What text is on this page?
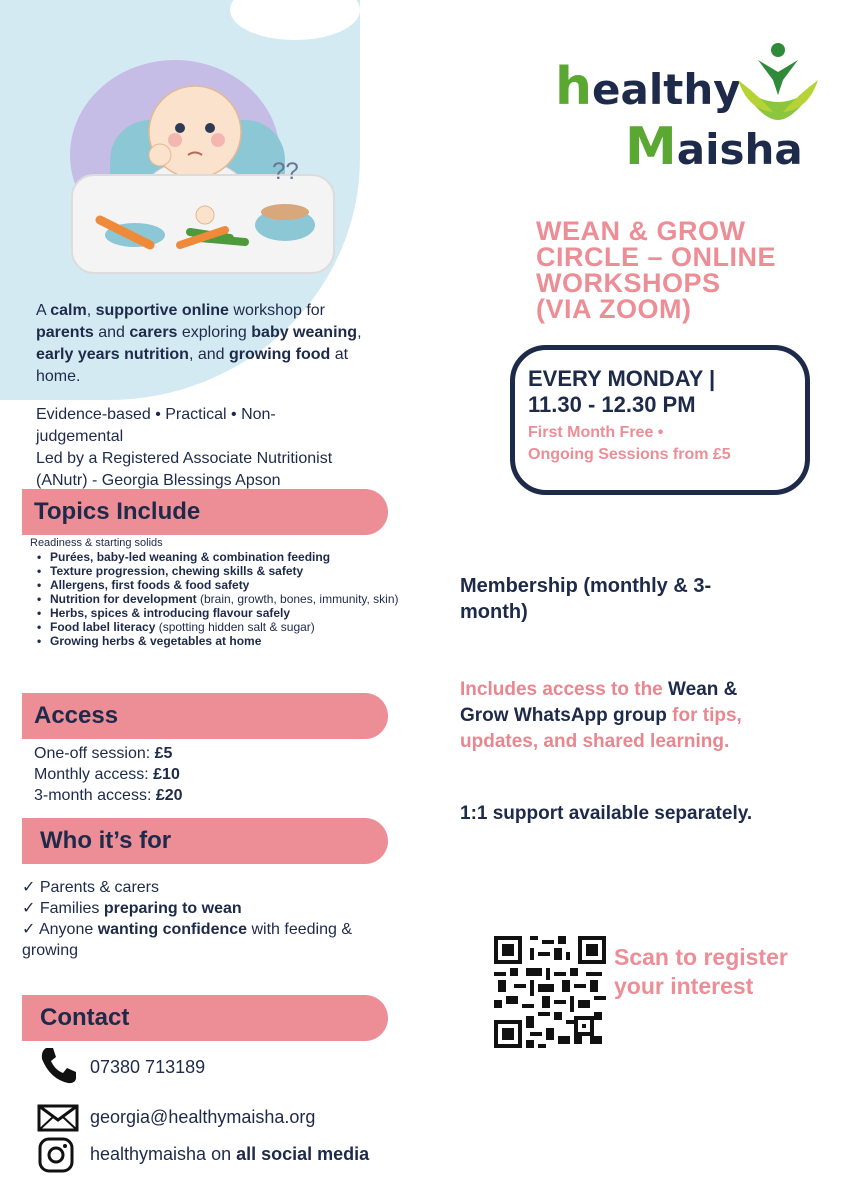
??
healthy
Maisha

A calm, supportive online workshop for
parents and carers exploring baby weaning,
early years nutrition, and growing food at
home.

Evidence-based • Practical • Non-
judgemental
Led by a Registered Associate Nutritionist
(ANutr) - Georgia Blessings Apson

Topics Include
Readiness & starting solids
• Purées, baby-led weaning & combination feeding
• Texture progression, chewing skills & safety
• Allergens, first foods & food safety
• Nutrition for development (brain, growth, bones, immunity, skin)
• Herbs, spices & introducing flavour safely
• Food label literacy (spotting hidden salt & sugar)
• Growing herbs & vegetables at home
Access
One-off session: £5
Monthly access: £10
3-month access: £20
Who it’s for
✓ Parents & carers
✓ Families preparing to wean
✓ Anyone wanting confidence with feeding &
growing
Contact
07380 713189
georgia@healthymaisha.org
healthymaisha on all social media
WEAN & GROW
CIRCLE – ONLINE
WORKSHOPS
(VIA ZOOM)
EVERY MONDAY |
11.30 - 12.30 PM
First Month Free •
Ongoing Sessions from £5
Membership (monthly & 3-
month)
Includes access to the Wean &
Grow WhatsApp group for tips,
updates, and shared learning.
1:1 support available separately.
Scan to register
your interest
